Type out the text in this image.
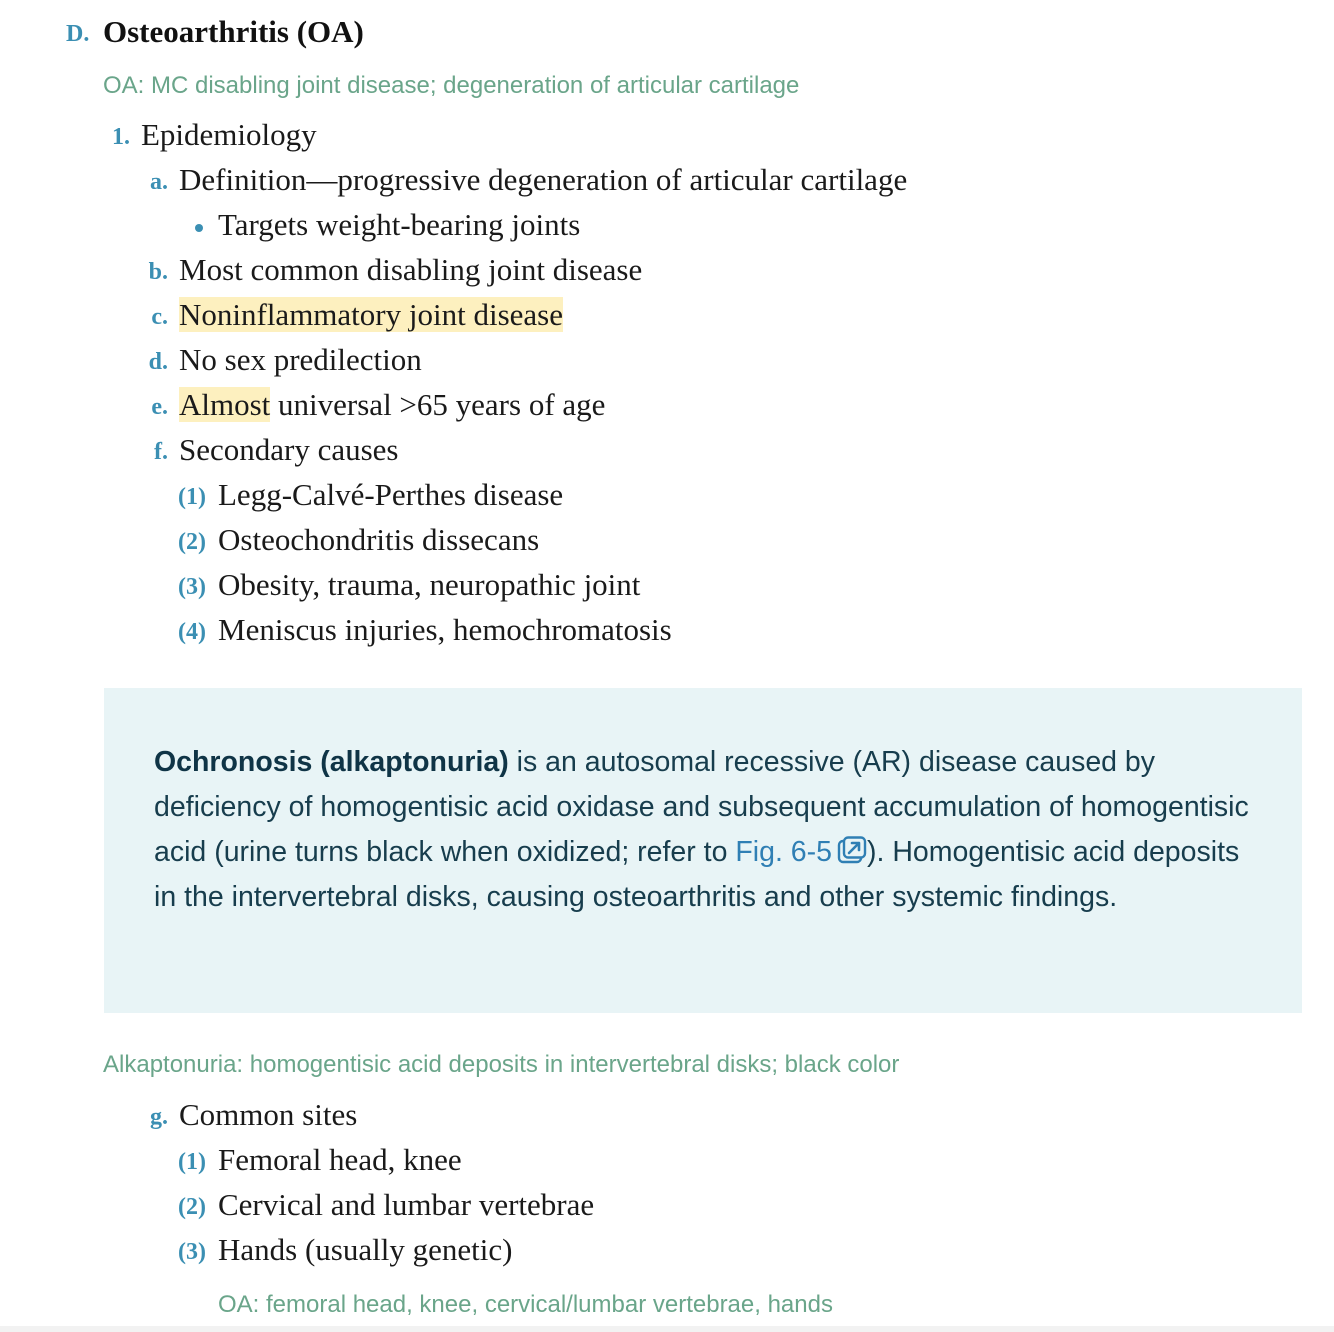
D. Osteoarthritis (OA)
OA: MC disabling joint disease; degeneration of articular cartilage
1. Epidemiology
a. Definition—progressive degeneration of articular cartilage
Targets weight-bearing joints
b. Most common disabling joint disease
c. Noninflammatory joint disease
d. No sex predilection
e. Almost universal >65 years of age
f. Secondary causes
(1) Legg-Calvé-Perthes disease
(2) Osteochondritis dissecans
(3) Obesity, trauma, neuropathic joint
(4) Meniscus injuries, hemochromatosis
Ochronosis (alkaptonuria) is an autosomal recessive (AR) disease caused by deficiency of homogentisic acid oxidase and subsequent accumulation of homogentisic acid (urine turns black when oxidized; refer to Fig. 6-5 ). Homogentisic acid deposits in the intervertebral disks, causing osteoarthritis and other systemic findings.
Alkaptonuria: homogentisic acid deposits in intervertebral disks; black color
g. Common sites
(1) Femoral head, knee
(2) Cervical and lumbar vertebrae
(3) Hands (usually genetic)
OA: femoral head, knee, cervical/lumbar vertebrae, hands
